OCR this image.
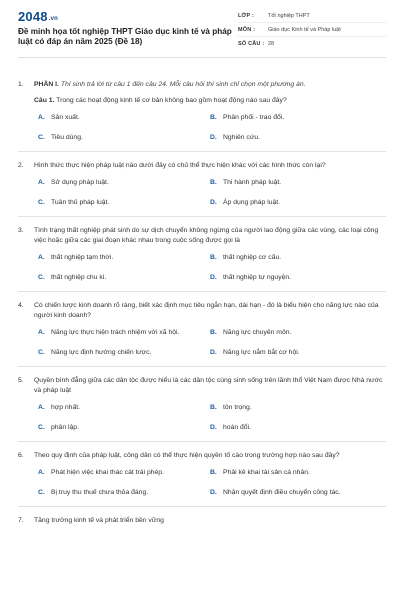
2048.vn
Đề minh họa tốt nghiệp THPT Giáo dục kinh tế và pháp luật có đáp án năm 2025 (Đề 18)
LỚP :	Tốt nghiệp THPT
MÔN :	Giáo dục Kinh tế và Pháp luật
SỐ CÂU : 28
1.	PHẦN I. Thí sinh trả lời từ câu 1 đến câu 24. Mỗi câu hỏi thí sinh chỉ chọn một phương án.
Câu 1. Trong các hoạt động kinh tế cơ bản không bao gồm hoạt động nào sau đây?
A. Sản xuất.	B. Phân phối - trao đổi.
C. Tiêu dùng.	D. Nghiên cứu.
2.	Hình thức thực hiện pháp luật nào dưới đây có chủ thể thực hiện khác với các hình thức còn lại?
A. Sử dụng pháp luật.	B. Thi hành pháp luật.
C. Tuân thủ pháp luật.	D. Áp dụng pháp luật.
3.	Tình trạng thất nghiệp phát sinh do sự dịch chuyển không ngừng của người lao động giữa các vùng, các loại công việc hoặc giữa các giai đoạn khác nhau trong cuộc sống được gọi là
A. thất nghiệp tạm thời.	B. thất nghiệp cơ cấu.
C. thất nghiệp chu kì.	D. thất nghiệp tự nguyện.
4.	Có chiến lược kinh doanh rõ ràng, biết xác định mục tiêu ngắn hạn, dài hạn - đó là biểu hiện cho năng lực nào của người kinh doanh?
A. Năng lực thực hiện trách nhiệm với xã hội.	B. Năng lực chuyên môn.
C. Năng lực định hướng chiến lược.	D. Năng lực nắm bắt cơ hội.
5.	Quyền bình đẳng giữa các dân tộc được hiểu là các dân tộc cùng sinh sống trên lãnh thổ Việt Nam được Nhà nước và pháp luật
A. hợp nhất.	B. tôn trọng.
C. phân lập.	D. hoán đổi.
6.	Theo quy định của pháp luật, công dân có thể thực hiện quyền tố cáo trong trường hợp nào sau đây?
A. Phát hiện việc khai thác cát trái phép.	B. Phải kê khai tài sản cá nhân.
C. Bị truy thu thuế chưa thỏa đáng.	D. Nhận quyết định điều chuyển công tác.
7.	Tăng trưởng kinh tế và phát triển bền vững
